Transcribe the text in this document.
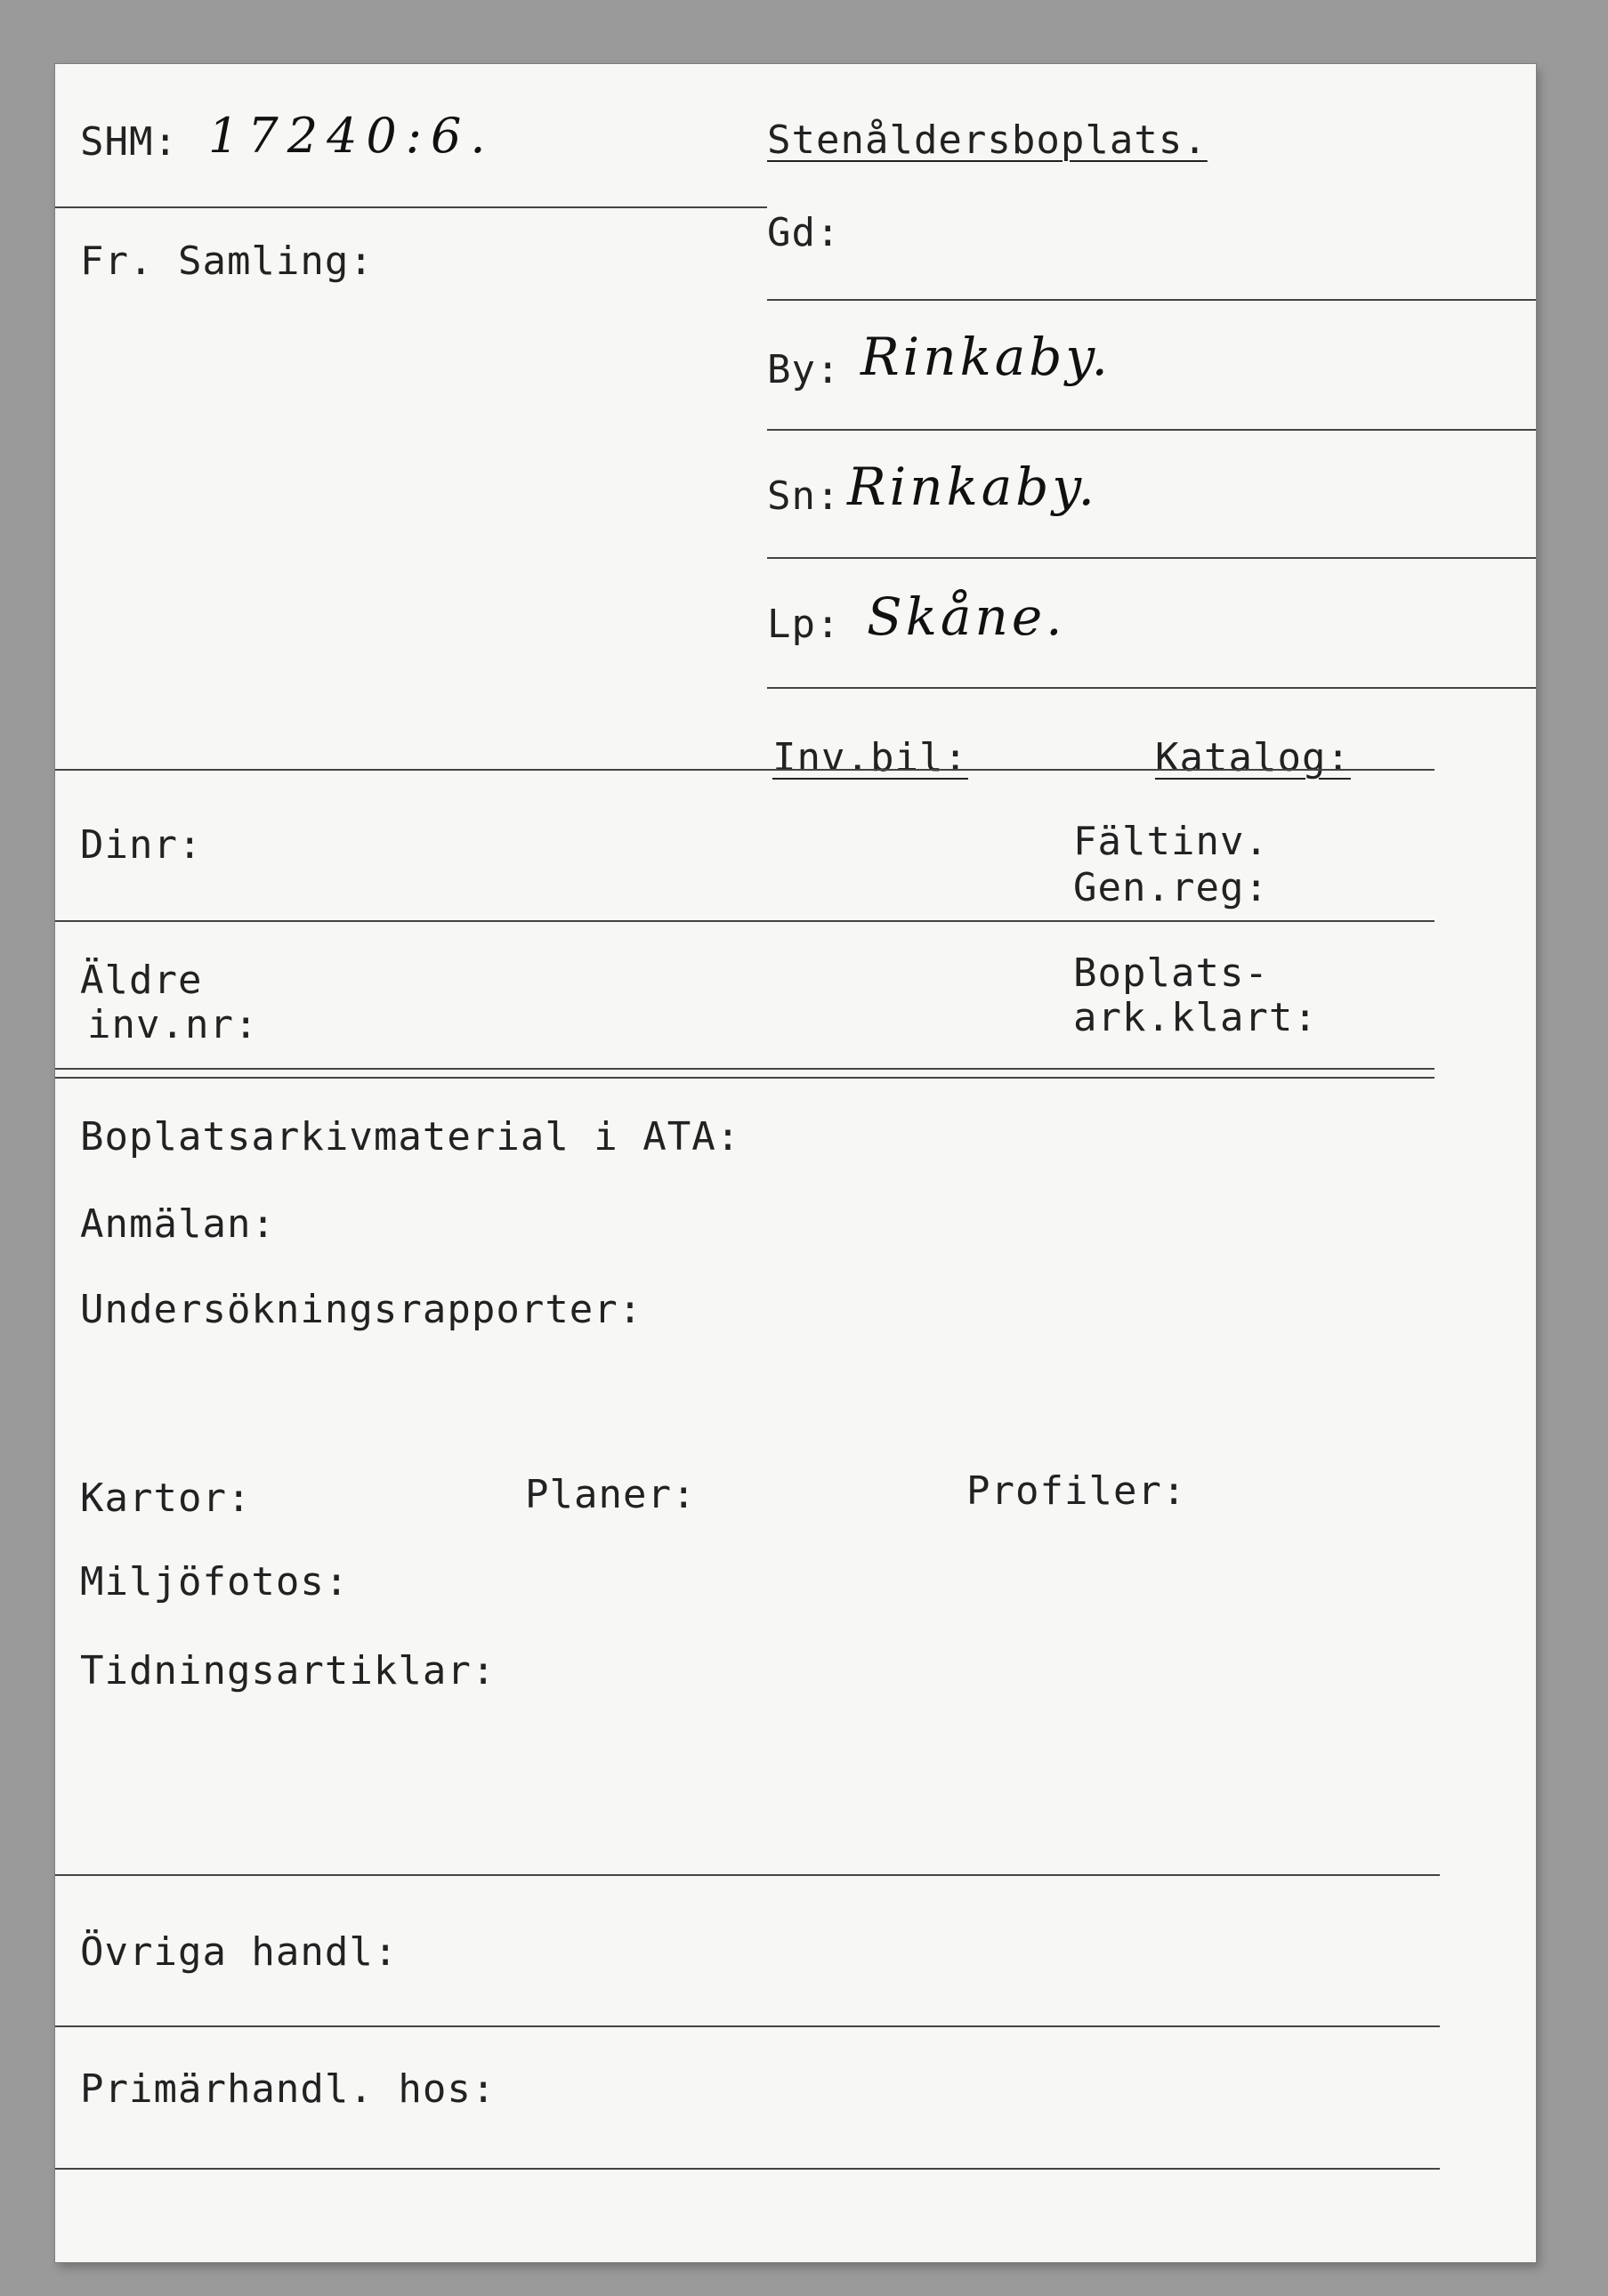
SHM: 17240:6.	Stenåldersboplats.
Fr. Samling:
Gd:
By: Rinkaby.
Sn: Rinkaby.
Lp: Skåne.
Inv.bil:	Katalog:
Dinr:	Fältinv.
Gen.reg:
Äldre
inv.nr:
Boplats-
ark.klart:
Boplatsarkivmaterial i ATA:
Anmälan:
Undersökningsrapporter:
Kartor:	Planer:	Profiler:
Miljöfotos:
Tidningsartiklar:
Övriga handl:
Primärhandl. hos:
